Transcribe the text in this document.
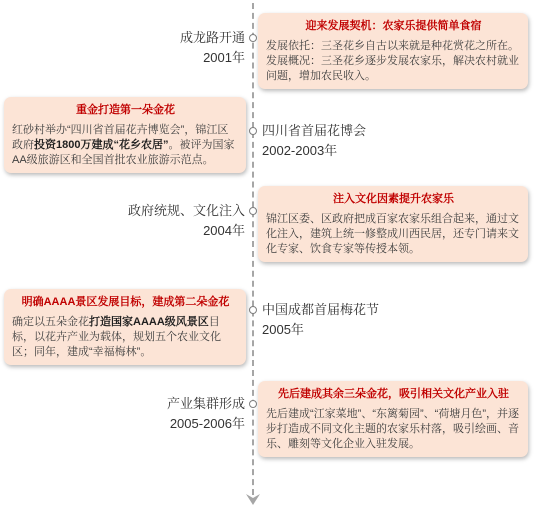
成龙路开通
2001年
迎来发展契机：农家乐提供简单食宿

发展依托：三圣花乡自古以来就是种花赏花之所在。

发展概况：三圣花乡逐步发展农家乐，解决农村就业问题，增加农民收入。

重金打造第一朵金花

红砂村举办“四川省首届花卉博览会”，锦江区政府投资1800万建成“花乡农居”。被评为国家AA级旅游区和全国首批农业旅游示范点。

四川省首届花博会
2002-2003年
政府统规、文化注入
2004年
注入文化因素提升农家乐

锦江区委、区政府把成百家农家乐组合起来，通过文化注入，建筑上统一修整成川西民居，还专门请来文化专家、饮食专家等传授本领。

明确AAAA景区发展目标，建成第二朵金花

确定以五朵金花打造国家AAAA级风景区目标，以花卉产业为载体，规划五个农业文化区；同年，建成“幸福梅林”。

中国成都首届梅花节
2005年
产业集群形成
2005-2006年
先后建成其余三朵金花，吸引相关文化产业入驻

先后建成“江家菜地”、“东篱菊园”、“荷塘月色”，并逐步打造成不同文化主题的农家乐村落，吸引绘画、音乐、雕刻等文化企业入驻发展。
